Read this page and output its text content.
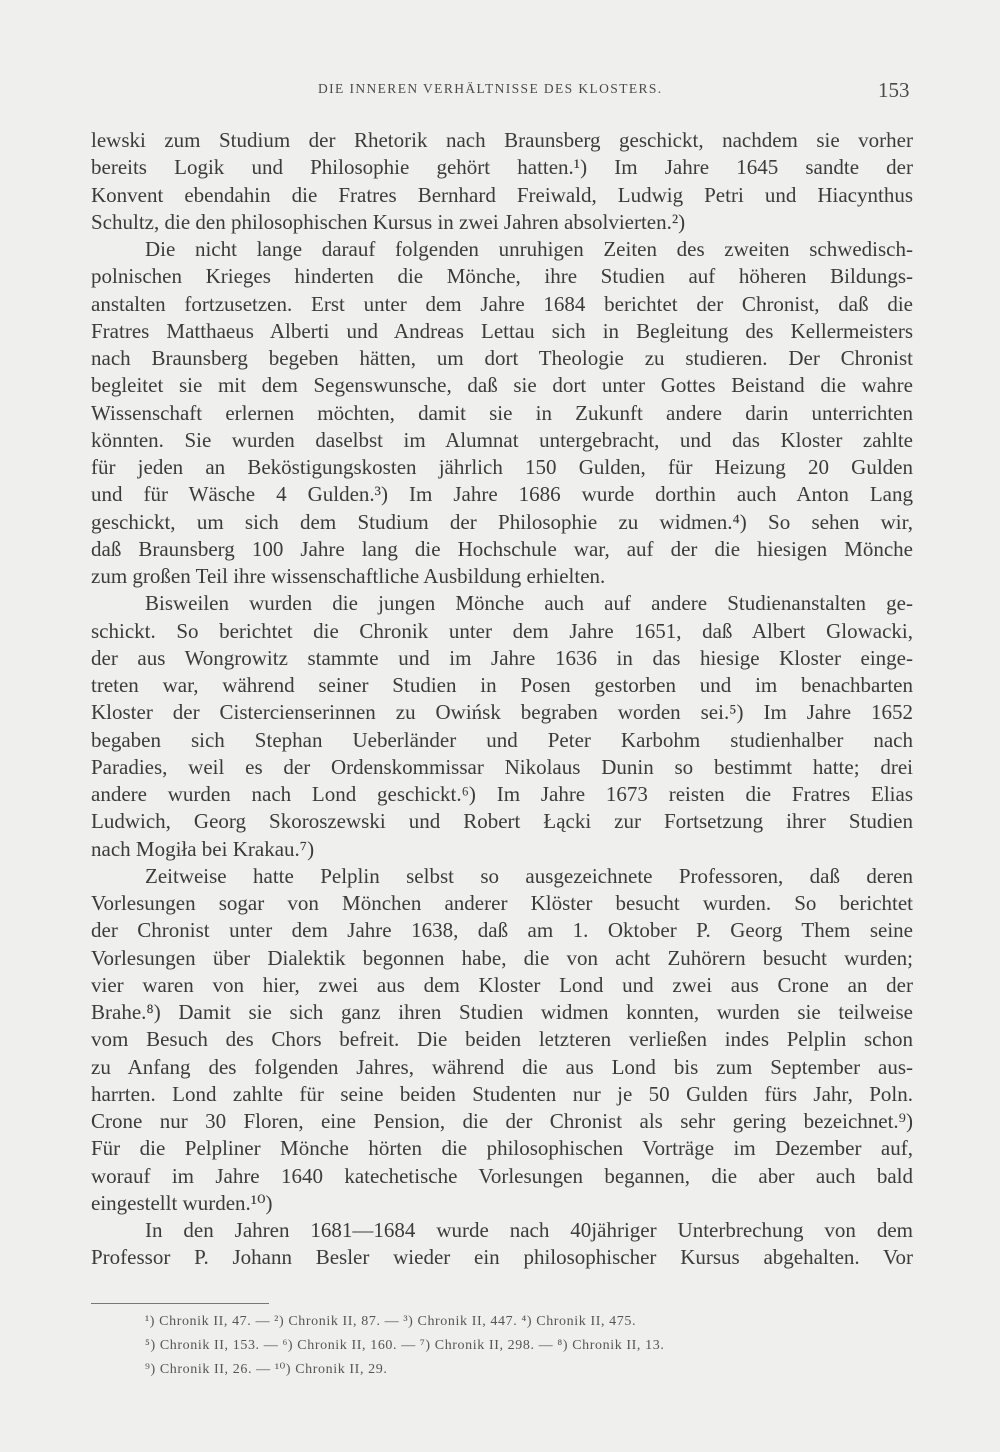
DIE INNEREN VERHÄLTNISSE DES KLOSTERS.	153
lewski zum Studium der Rhetorik nach Braunsberg geschickt, nachdem sie vorher
bereits Logik und Philosophie gehört hatten.¹) Im Jahre 1645 sandte der
Konvent ebendahin die Fratres Bernhard Freiwald, Ludwig Petri und Hiacynthus
Schultz, die den philosophischen Kursus in zwei Jahren absolvierten.²)
Die nicht lange darauf folgenden unruhigen Zeiten des zweiten schwedisch-
polnischen Krieges hinderten die Mönche, ihre Studien auf höheren Bildungs-
anstalten fortzusetzen. Erst unter dem Jahre 1684 berichtet der Chronist, daß die
Fratres Matthaeus Alberti und Andreas Lettau sich in Begleitung des Kellermeisters
nach Braunsberg begeben hätten, um dort Theologie zu studieren. Der Chronist
begleitet sie mit dem Segenswunsche, daß sie dort unter Gottes Beistand die wahre
Wissenschaft erlernen möchten, damit sie in Zukunft andere darin unterrichten
könnten. Sie wurden daselbst im Alumnat untergebracht, und das Kloster zahlte
für jeden an Beköstigungskosten jährlich 150 Gulden, für Heizung 20 Gulden
und für Wäsche 4 Gulden.³) Im Jahre 1686 wurde dorthin auch Anton Lang
geschickt, um sich dem Studium der Philosophie zu widmen.⁴) So sehen wir,
daß Braunsberg 100 Jahre lang die Hochschule war, auf der die hiesigen Mönche
zum großen Teil ihre wissenschaftliche Ausbildung erhielten.
Bisweilen wurden die jungen Mönche auch auf andere Studienanstalten ge-
schickt. So berichtet die Chronik unter dem Jahre 1651, daß Albert Glowacki,
der aus Wongrowitz stammte und im Jahre 1636 in das hiesige Kloster einge-
treten war, während seiner Studien in Posen gestorben und im benachbarten
Kloster der Cistercienserinnen zu Owińsk begraben worden sei.⁵) Im Jahre 1652
begaben sich Stephan Ueberländer und Peter Karbohm studienhalber nach
Paradies, weil es der Ordenskommissar Nikolaus Dunin so bestimmt hatte; drei
andere wurden nach Lond geschickt.⁶) Im Jahre 1673 reisten die Fratres Elias
Ludwich, Georg Skoroszewski und Robert Łącki zur Fortsetzung ihrer Studien
nach Mogiła bei Krakau.⁷)
Zeitweise hatte Pelplin selbst so ausgezeichnete Professoren, daß deren
Vorlesungen sogar von Mönchen anderer Klöster besucht wurden. So berichtet
der Chronist unter dem Jahre 1638, daß am 1. Oktober P. Georg Them seine
Vorlesungen über Dialektik begonnen habe, die von acht Zuhörern besucht wurden;
vier waren von hier, zwei aus dem Kloster Lond und zwei aus Crone an der
Brahe.⁸) Damit sie sich ganz ihren Studien widmen konnten, wurden sie teilweise
vom Besuch des Chors befreit. Die beiden letzteren verließen indes Pelplin schon
zu Anfang des folgenden Jahres, während die aus Lond bis zum September aus-
harrten. Lond zahlte für seine beiden Studenten nur je 50 Gulden fürs Jahr, Poln.
Crone nur 30 Floren, eine Pension, die der Chronist als sehr gering bezeichnet.⁹)
Für die Pelpliner Mönche hörten die philosophischen Vorträge im Dezember auf,
worauf im Jahre 1640 katechetische Vorlesungen begannen, die aber auch bald
eingestellt wurden.¹⁰)
In den Jahren 1681—1684 wurde nach 40jähriger Unterbrechung von dem
Professor P. Johann Besler wieder ein philosophischer Kursus abgehalten. Vor
¹) Chronik II, 47. — ²) Chronik II, 87. — ³) Chronik II, 447. ⁴) Chronik II, 475.
⁵) Chronik II, 153. — ⁶) Chronik II, 160. — ⁷) Chronik II, 298. — ⁸) Chronik II, 13.
⁹) Chronik II, 26. — ¹⁰) Chronik II, 29.
